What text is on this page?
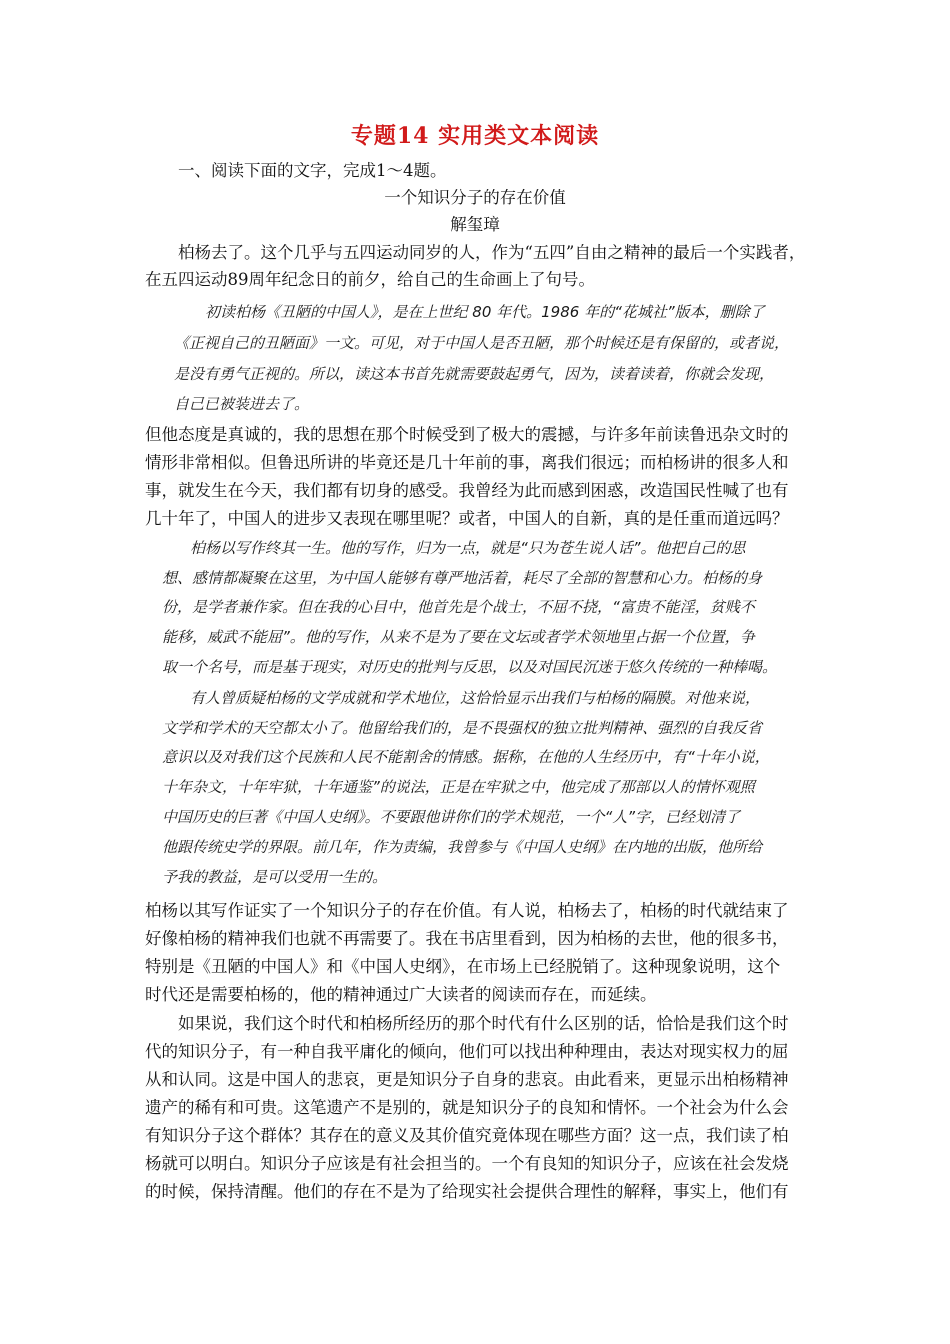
专题14 实用类文本阅读
一、阅读下面的文字，完成1～4题。
一个知识分子的存在价值
解玺璋
柏杨去了。这个几乎与五四运动同岁的人，作为“五四”自由之精神的最后一个实践者，
在五四运动89周年纪念日的前夕，给自己的生命画上了句号。
初读柏杨《丑陋的中国人》，是在上世纪 80 年代。1986 年的“花城社”版本，删除了
《正视自己的丑陋面》一文。可见，对于中国人是否丑陋，那个时候还是有保留的，或者说，
是没有勇气正视的。所以，读这本书首先就需要鼓起勇气，因为，读着读着，你就会发现，
自己已被装进去了。
但他态度是真诚的，我的思想在那个时候受到了极大的震撼，与许多年前读鲁迅杂文时的
情形非常相似。但鲁迅所讲的毕竟还是几十年前的事，离我们很远；而柏杨讲的很多人和
事，就发生在今天，我们都有切身的感受。我曾经为此而感到困惑，改造国民性喊了也有
几十年了，中国人的进步又表现在哪里呢？或者，中国人的自新，真的是任重而道远吗？
柏杨以写作终其一生。他的写作，归为一点，就是“只为苍生说人话”。他把自己的思
想、感情都凝聚在这里，为中国人能够有尊严地活着，耗尽了全部的智慧和心力。柏杨的身
份，是学者兼作家。但在我的心目中，他首先是个战士，不屈不挠，“富贵不能淫，贫贱不
能移，威武不能屈”。他的写作，从来不是为了要在文坛或者学术领地里占据一个位置，争
取一个名号，而是基于现实，对历史的批判与反思，以及对国民沉迷于悠久传统的一种棒喝。
有人曾质疑柏杨的文学成就和学术地位，这恰恰显示出我们与柏杨的隔膜。对他来说，
文学和学术的天空都太小了。他留给我们的，是不畏强权的独立批判精神、强烈的自我反省
意识以及对我们这个民族和人民不能割舍的情感。据称，在他的人生经历中，有“十年小说，
十年杂文，十年牢狱，十年通鉴”的说法，正是在牢狱之中，他完成了那部以人的情怀观照
中国历史的巨著《中国人史纲》。不要跟他讲你们的学术规范，一个“人”字，已经划清了
他跟传统史学的界限。前几年，作为责编，我曾参与《中国人史纲》在内地的出版，他所给
予我的教益，是可以受用一生的。
柏杨以其写作证实了一个知识分子的存在价值。有人说，柏杨去了，柏杨的时代就结束了
好像柏杨的精神我们也就不再需要了。我在书店里看到，因为柏杨的去世，他的很多书，
特别是《丑陋的中国人》和《中国人史纲》，在市场上已经脱销了。这种现象说明，这个
时代还是需要柏杨的，他的精神通过广大读者的阅读而存在，而延续。
如果说，我们这个时代和柏杨所经历的那个时代有什么区别的话，恰恰是我们这个时
代的知识分子，有一种自我平庸化的倾向，他们可以找出种种理由，表达对现实权力的屈
从和认同。这是中国人的悲哀，更是知识分子自身的悲哀。由此看来，更显示出柏杨精神
遗产的稀有和可贵。这笔遗产不是别的，就是知识分子的良知和情怀。一个社会为什么会
有知识分子这个群体？其存在的意义及其价值究竟体现在哪些方面？这一点，我们读了柏
杨就可以明白。知识分子应该是有社会担当的。一个有良知的知识分子，应该在社会发烧
的时候，保持清醒。他们的存在不是为了给现实社会提供合理性的解释，事实上，他们有
